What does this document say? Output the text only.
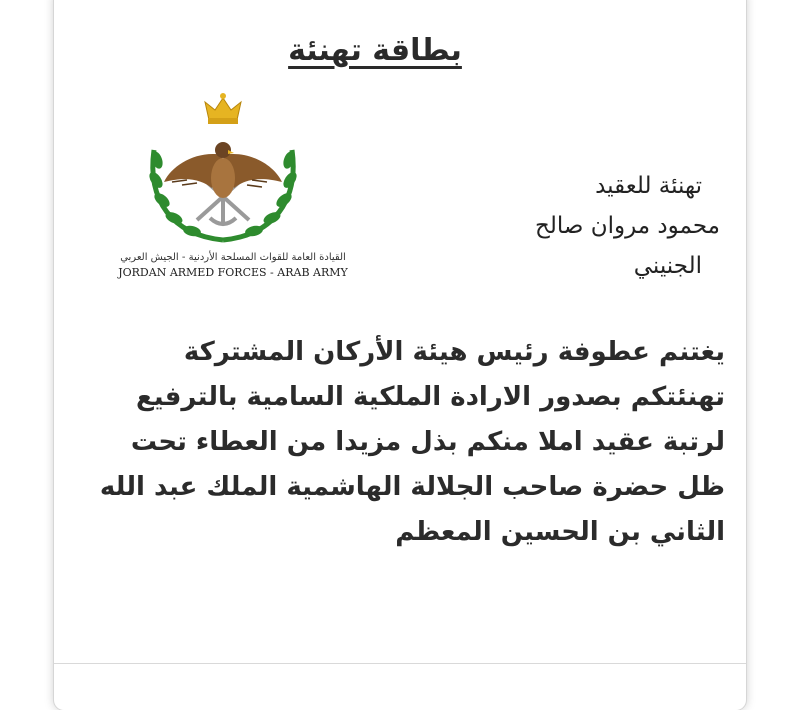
بطاقة تهنئة
القيادة العامة للقوات المسلحة الأردنية - الجيش العربي
JORDAN ARMED FORCES - ARAB ARMY
تهنئة للعقيد
محمود مروان صالح
الجنيني
يغتنم عطوفة رئيس هيئة الأركان المشتركة
تهنئتكم بصدور الارادة الملكية السامية بالترفيع
لرتبة عقيد املا منكم بذل مزيدا من العطاء تحت
ظل حضرة صاحب الجلالة الهاشمية الملك عبد الله
الثاني بن الحسين المعظم
